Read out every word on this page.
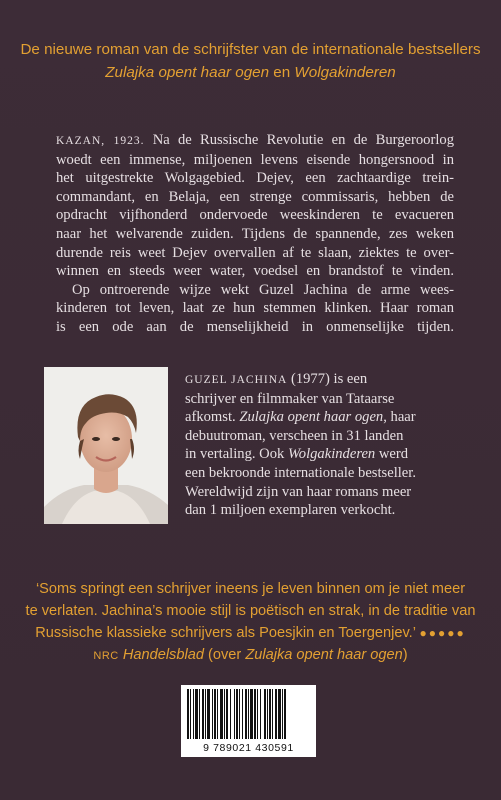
De nieuwe roman van de schrijfster van de internationale bestsellers
Zulajka opent haar ogen en Wolgakinderen

KAZAN, 1923. Na de Russische Revolutie en de Burgeroorlog
woedt een immense, miljoenen levens eisende hongersnood in
het uitgestrekte Wolgagebied. Dejev, een zachtaardige trein-
commandant, en Belaja, een strenge commissaris, hebben de
opdracht vijfhonderd ondervoede weeskinderen te evacueren
naar het welvarende zuiden. Tijdens de spannende, zes weken
durende reis weet Dejev overvallen af te slaan, ziektes te over-
winnen en steeds weer water, voedsel en brandstof te vinden.

Op ontroerende wijze wekt Guzel Jachina de arme wees-
kinderen tot leven, laat ze hun stemmen klinken. Haar roman
is een ode aan de menselijkheid in onmenselijke tijden.

GUZEL JACHINA (1977) is een
schrijver en filmmaker van Tataarse
afkomst. Zulajka opent haar ogen, haar
debuutroman, verscheen in 31 landen
in vertaling. Ook Wolgakinderen werd
een bekroonde internationale bestseller.
Wereldwijd zijn van haar romans meer
dan 1 miljoen exemplaren verkocht.
‘Soms springt een schrijver ineens je leven binnen om je niet meer
te verlaten. Jachina’s mooie stijl is poëtisch en strak, in de traditie van
Russische klassieke schrijvers als Poesjkin en Toergenjev.’ ●●●●●
NRC Handelsblad (over Zulajka opent haar ogen)
9 789021 430591
